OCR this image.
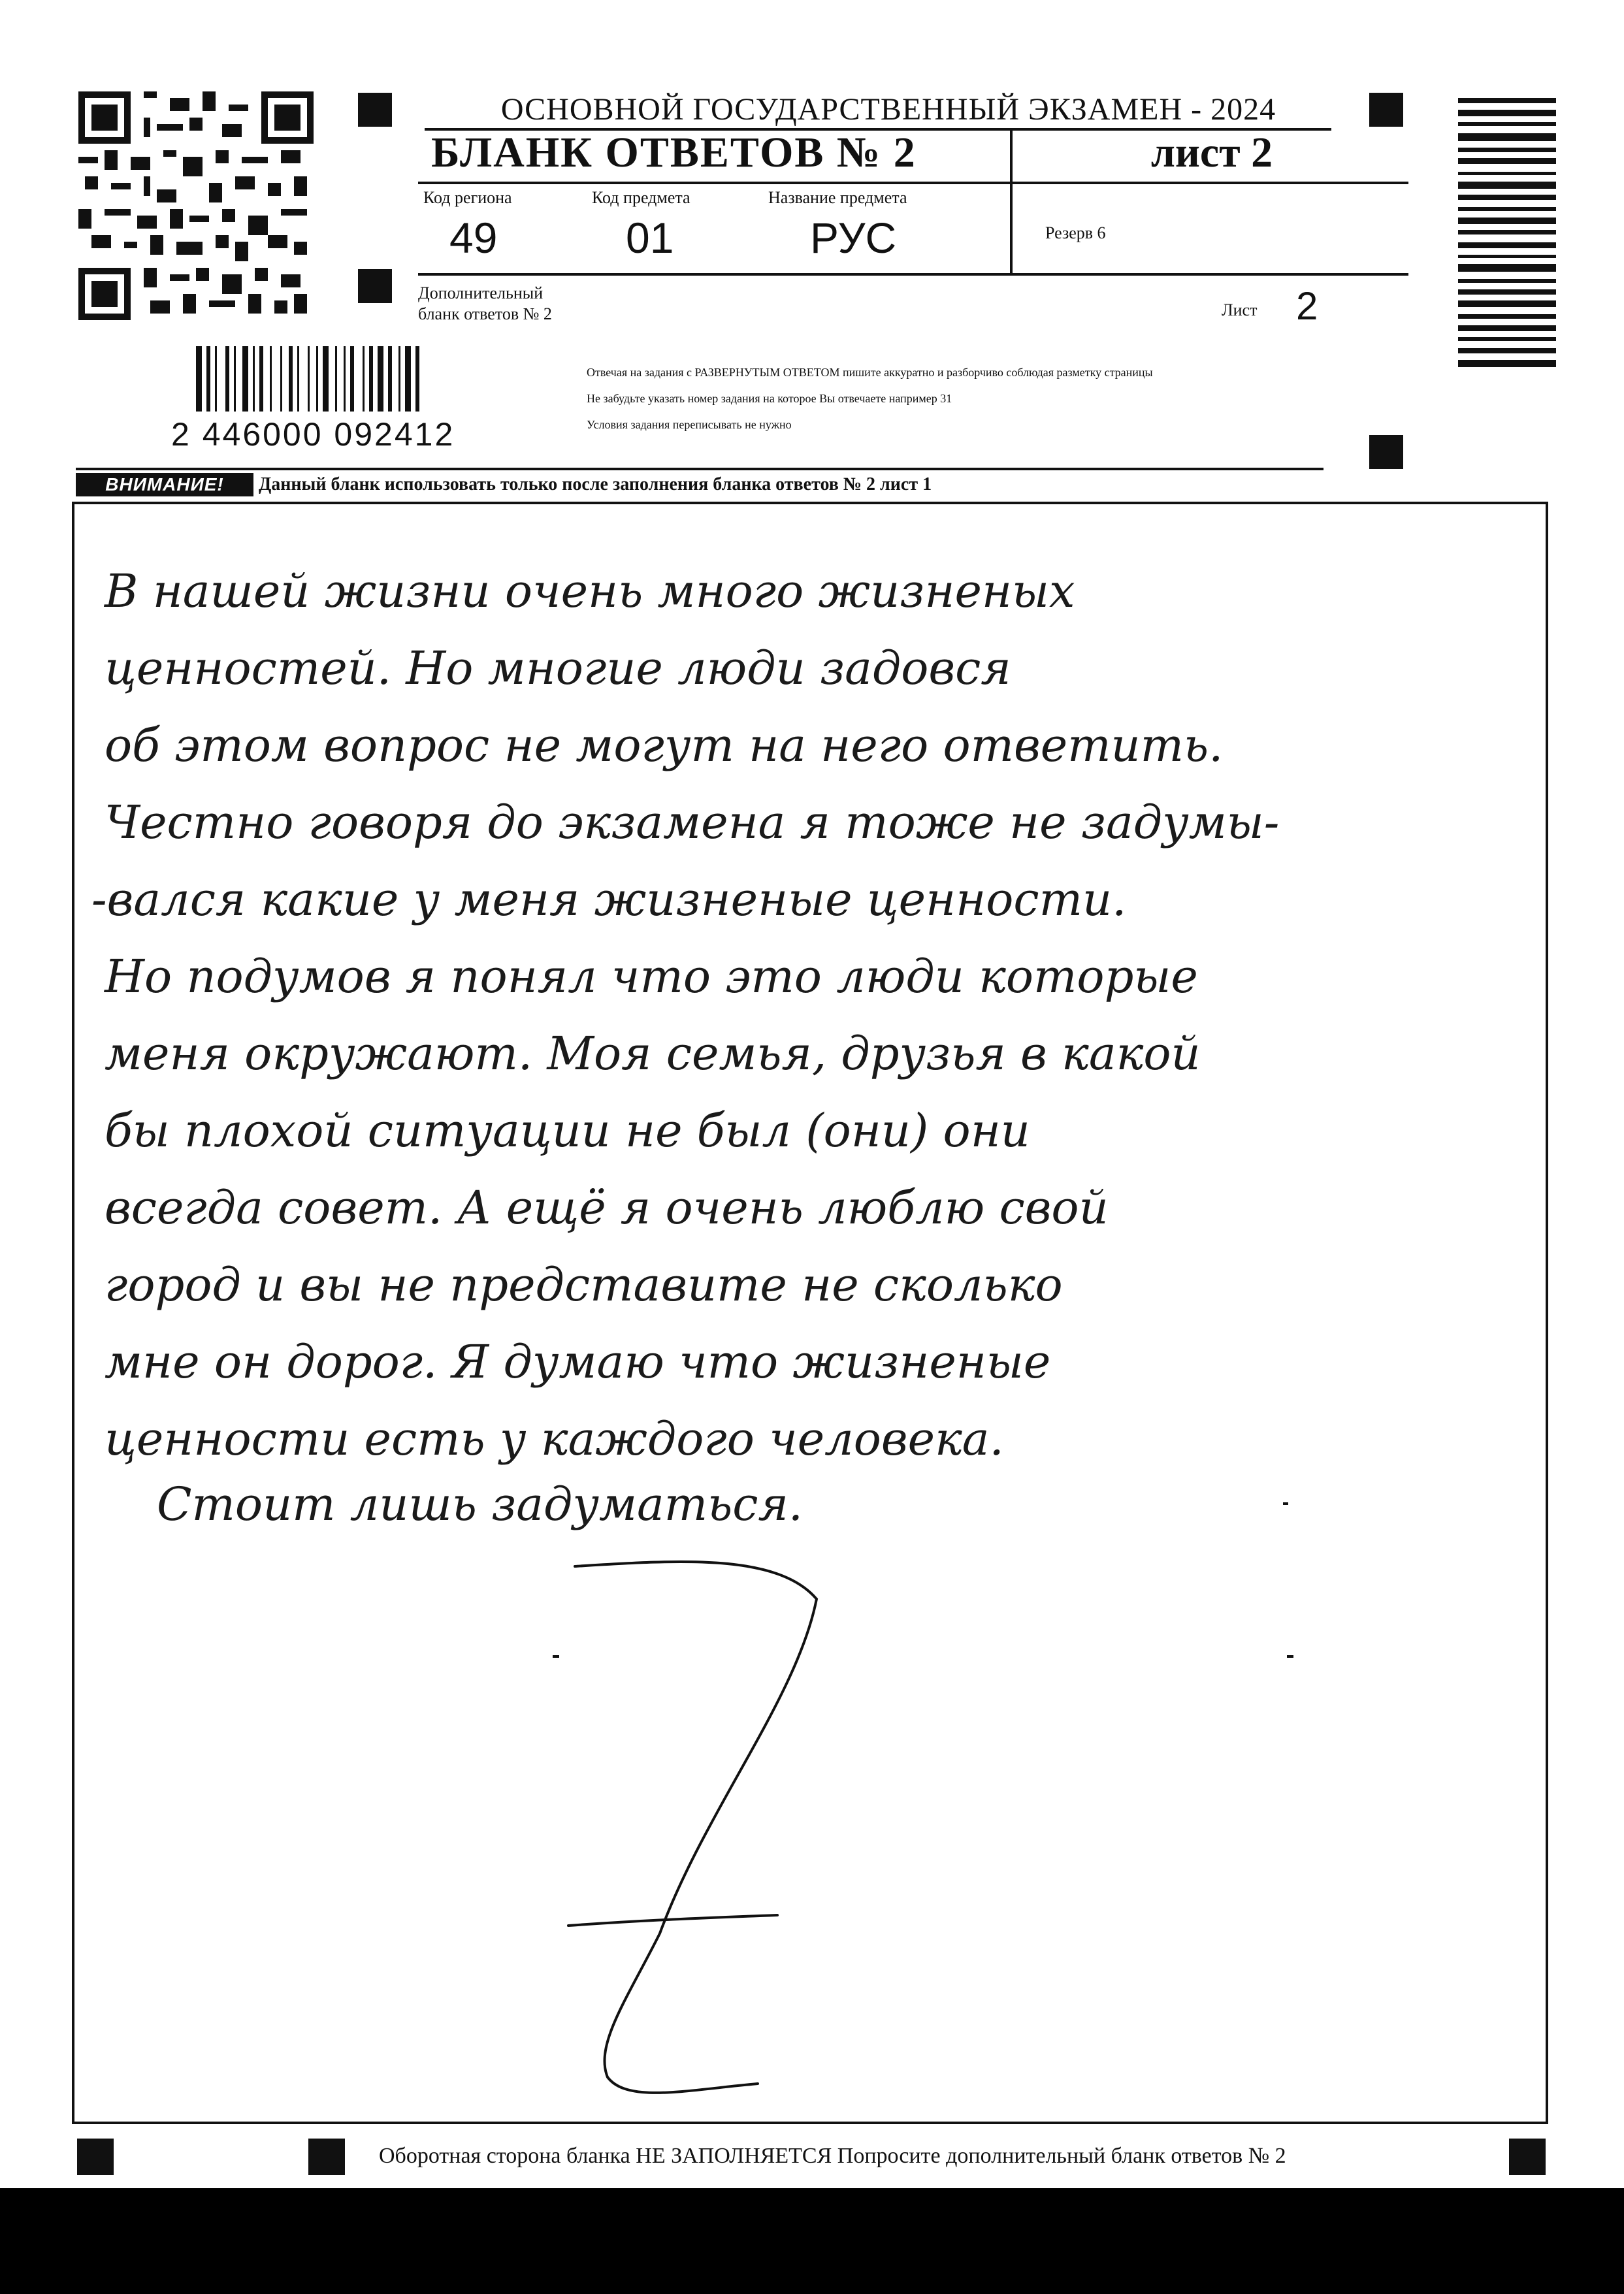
ОСНОВНОЙ ГОСУДАРСТВЕННЫЙ ЭКЗАМЕН - 2024
БЛАНК ОТВЕТОВ № 2	лист 2
Код региона
49
Код предмета
01
Название предмета
РУС	Резерв 6
Дополнительный
бланк ответов № 2	Лист 2
2 446000 092412
Отвечая на задания с РАЗВЕРНУТЫМ ОТВЕТОМ пишите аккуратно и разборчиво соблюдая разметку страницы
Не забудьте указать номер задания на которое Вы отвечаете например 31
Условия задания переписывать не нужно
ВНИМАНИЕ!	Данный бланк использовать только после заполнения бланка ответов № 2 лист 1
В нашей жизни очень много жизненых
ценностей. Но многие люди задовся
об этом вопрос не могут на него ответить.
Честно говоря до экзамена я тоже не задумы-
-вался какие у меня жизненые ценности.
Но подумов я понял что это люди которые
меня окружают. Моя семья, друзья в какой
бы плохой ситуации не был (они) они
всегда совет. А ещё я очень люблю свой
город и вы не представите не сколько
мне он дорог. Я думаю что жизненые
ценности есть у каждого человека.
Стоит лишь задуматься.
Оборотная сторона бланка НЕ ЗАПОЛНЯЕТСЯ Попросите дополнительный бланк ответов № 2
